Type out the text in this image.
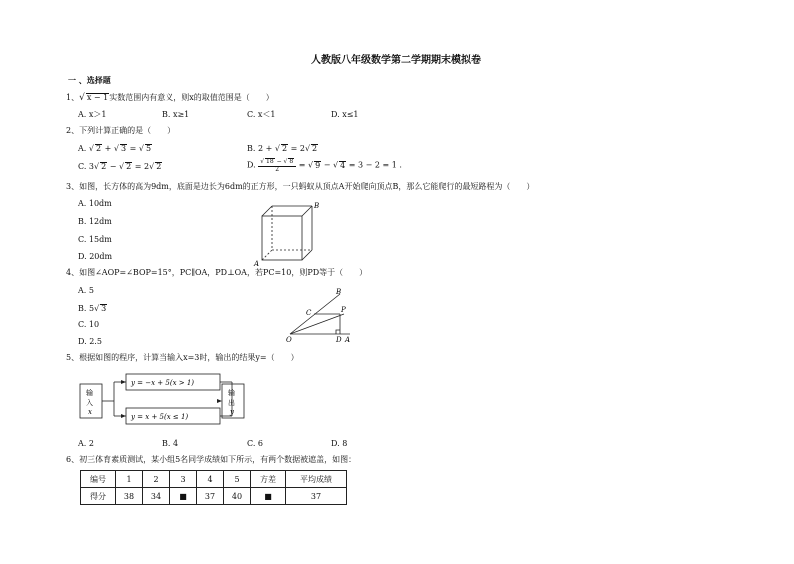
人教版八年级数学第二学期期末模拟卷
一 、选择题
1、√ x − 1实数范围内有意义，则x的取值范围是（　　）
A. x＞1	B. x≥1	C. x＜1	D. x≤1
2、下列计算正确的是（　　）
A. √ 2 + √ 3 = √ 5	B. 2 + √ 2 = 2√ 2
C. 3√ 2 − √ 2 = 2√ 2	D. $\frac{√ 18 - √ 8}{2}$ = √ 9 − √ 4 = 3 − 2 = 1 .
3、如图，长方体的高为9dm，底面是边长为6dm的正方形，一只蚂蚁从顶点A开始爬向顶点B，那么它能爬行的最短路程为（　　）
A. 10dm
B. 12dm
C. 15dm
D. 20dm
A
B
4、如图∠AOP=∠BOP=15°，PC∥OA，PD⊥OA，若PC=10，则PD等于（　　）
A. 5
B. 5√ 3
C. 10
D. 2.5
B
C	P
O	D A
5、根据如图的程序，计算当输入x=3时，输出的结果y=（　　）
输
入
x
输
出
y
y = −x + 5(x > 1)
y = x + 5(x ≤ 1)
A. 2	B. 4	C. 6	D. 8
6、初三体育素质测试，某小组5名同学成绩如下所示，有两个数据被遮盖，如图：
编号	1	2	3	4	5	方差	平均成绩
得分	38	34	■	37	40	■	37
